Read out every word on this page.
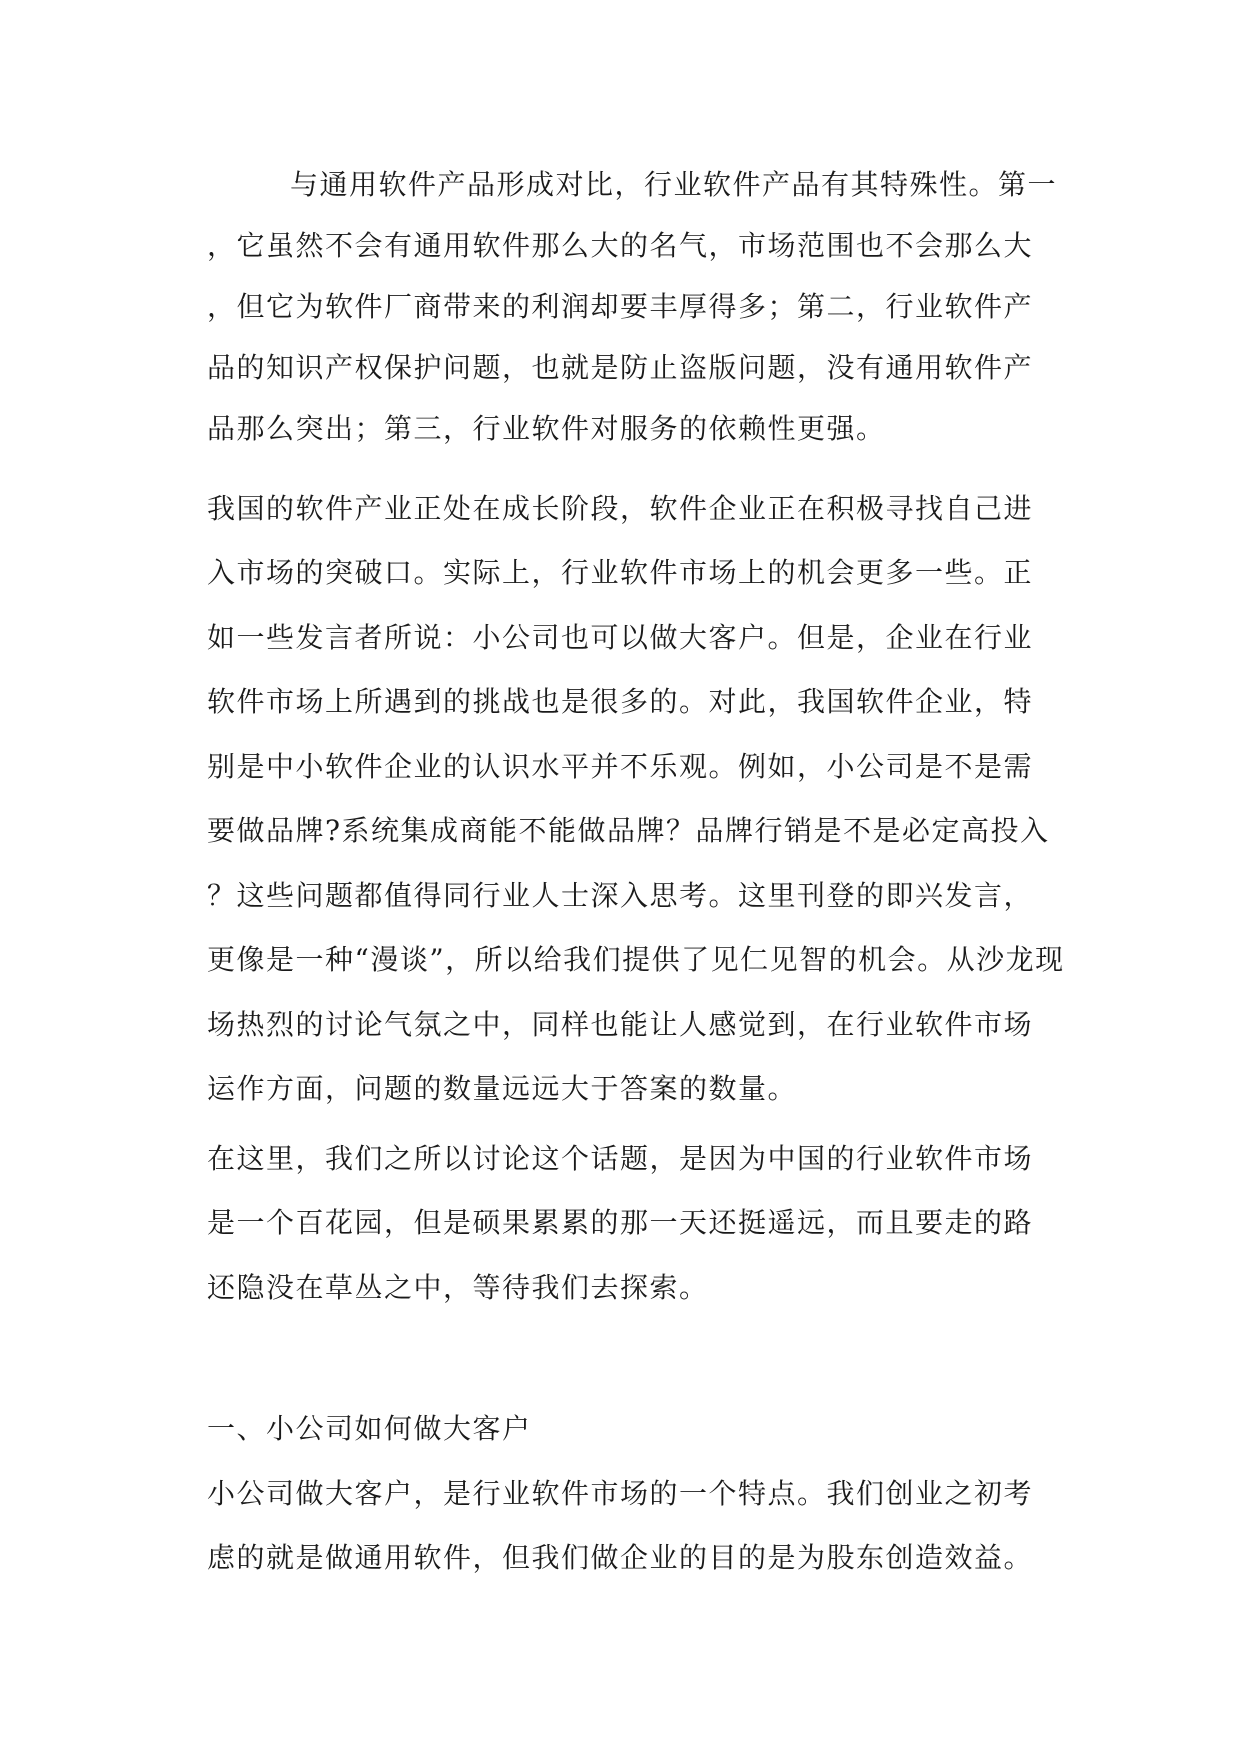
与通用软件产品形成对比，行业软件产品有其特殊性。第一
，它虽然不会有通用软件那么大的名气，市场范围也不会那么大
，但它为软件厂商带来的利润却要丰厚得多；第二，行业软件产
品的知识产权保护问题，也就是防止盗版问题，没有通用软件产
品那么突出；第三，行业软件对服务的依赖性更强。
我国的软件产业正处在成长阶段，软件企业正在积极寻找自己进
入市场的突破口。实际上，行业软件市场上的机会更多一些。正
如一些发言者所说：小公司也可以做大客户。但是，企业在行业
软件市场上所遇到的挑战也是很多的。对此，我国软件企业，特
别是中小软件企业的认识水平并不乐观。例如，小公司是不是需
要做品牌?系统集成商能不能做品牌？品牌行销是不是必定高投入
？这些问题都值得同行业人士深入思考。这里刊登的即兴发言，
更像是一种“漫谈”，所以给我们提供了见仁见智的机会。从沙龙现
场热烈的讨论气氛之中，同样也能让人感觉到，在行业软件市场
运作方面，问题的数量远远大于答案的数量。
在这里，我们之所以讨论这个话题，是因为中国的行业软件市场
是一个百花园，但是硕果累累的那一天还挺遥远，而且要走的路
还隐没在草丛之中，等待我们去探索。
一、小公司如何做大客户
小公司做大客户，是行业软件市场的一个特点。我们创业之初考
虑的就是做通用软件，但我们做企业的目的是为股东创造效益。
